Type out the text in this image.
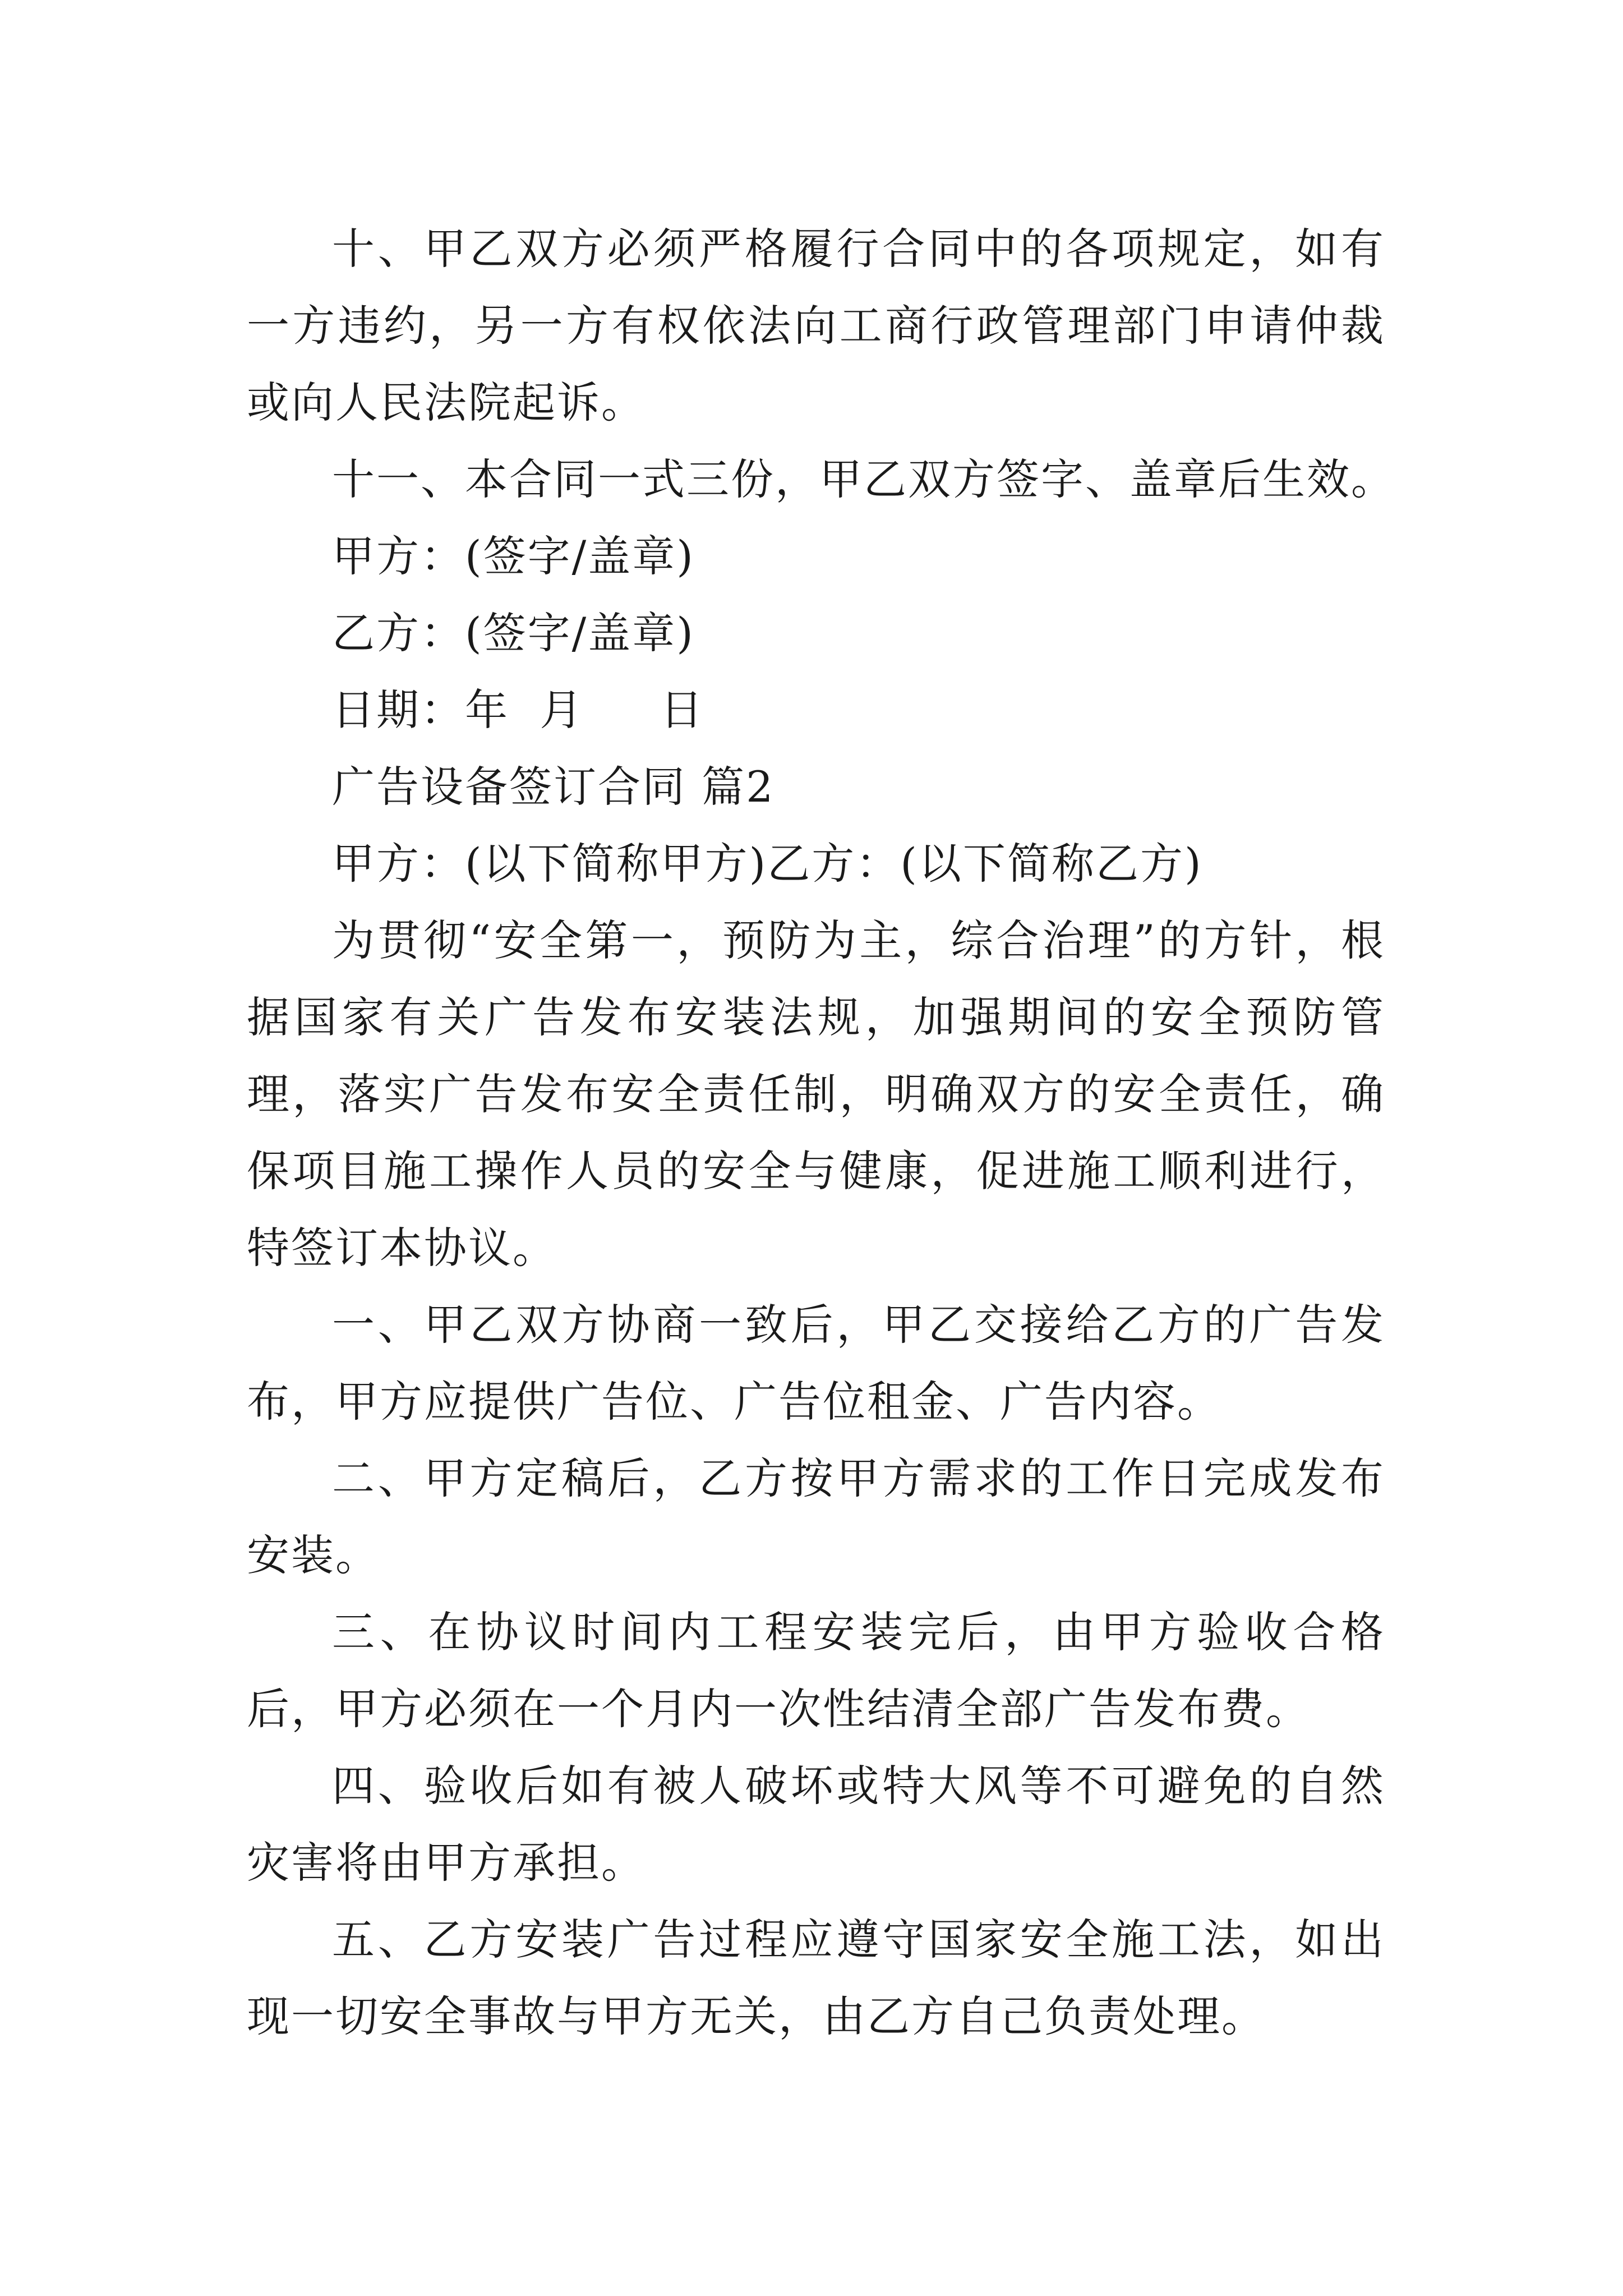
十、甲乙双方必须严格履行合同中的各项规定，如有一方违约，另一方有权依法向工商行政管理部门申请仲裁或向人民法院起诉。

十一、本合同一式三份，甲乙双方签字、盖章后生效。

甲方：(签字/盖章)

乙方：(签字/盖章)

日期：年  月     日

广告设备签订合同 篇2

甲方：(以下简称甲方)乙方：(以下简称乙方)

为贯彻“安全第一，预防为主，综合治理”的方针，根据国家有关广告发布安装法规，加强期间的安全预防管理，落实广告发布安全责任制，明确双方的安全责任，确保项目施工操作人员的安全与健康，促进施工顺利进行，特签订本协议。

一、甲乙双方协商一致后，甲乙交接给乙方的广告发布，甲方应提供广告位、广告位租金、广告内容。

二、甲方定稿后，乙方按甲方需求的工作日完成发布安装。

三、在协议时间内工程安装完后，由甲方验收合格后，甲方必须在一个月内一次性结清全部广告发布费。

四、验收后如有被人破坏或特大风等不可避免的自然灾害将由甲方承担。

五、乙方安装广告过程应遵守国家安全施工法，如出现一切安全事故与甲方无关，由乙方自己负责处理。
